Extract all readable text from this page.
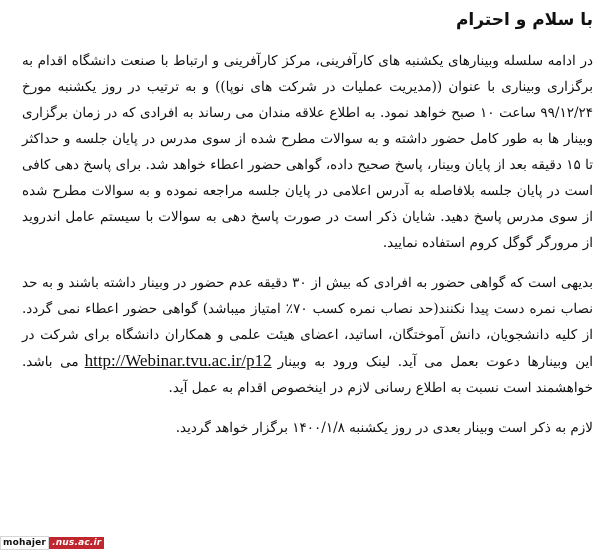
با سلام و احترام

در ادامه سلسله وبینارهای یکشنبه های کارآفرینی، مرکز کارآفرینی و ارتباط با صنعت دانشگاه اقدام به برگزاری وبیناری با عنوان ((مدیریت عملیات در شرکت های نوپا)) و به ترتیب در روز یکشنبه مورخ ۹۹/۱۲/۲۴ ساعت ۱۰ صبح خواهد نمود. به اطلاع علاقه مندان می رساند به افرادی که در زمان برگزاری وبینار ها به طور کامل حضور داشته و به سوالات مطرح شده از سوی مدرس در پایان جلسه و حداکثر تا ۱۵ دقیقه بعد از پایان وبینار، پاسخ صحیح داده، گواهی حضور اعطاء خواهد شد. برای پاسخ دهی کافی است در پایان جلسه بلافاصله به آدرس اعلامی در پایان جلسه مراجعه نموده و به سوالات مطرح شده از سوی مدرس پاسخ دهید. شایان ذکر است در صورت پاسخ دهی به سوالات با سیستم عامل اندروید از مرورگر گوگل کروم استفاده نمایید.

بدیهی است که گواهی حضور به افرادی که بیش از ۳۰ دقیقه عدم حضور در وبینار داشته باشند و به حد نصاب نمره دست پیدا نکنند(حد نصاب نمره کسب ۷۰٪ امتیاز میباشد) گواهی حضور اعطاء نمی گردد. از کلیه دانشجویان، دانش آموختگان، اساتید، اعضای هیئت علمی و همکاران دانشگاه برای شرکت در این وبینارها دعوت بعمل می آید. لینک ورود به وبینارhttp://Webinar.tvu.ac.ir/p12می باشد. خواهشمند است نسبت به اطلاع رسانی لازم در اینخصوص اقدام به عمل آید.

لازم به ذکر است وبینار بعدی در روز یکشنبه ۱۴۰۰/۱/۸ برگزار خواهد گردید.

mohajer .nus.ac.ir
